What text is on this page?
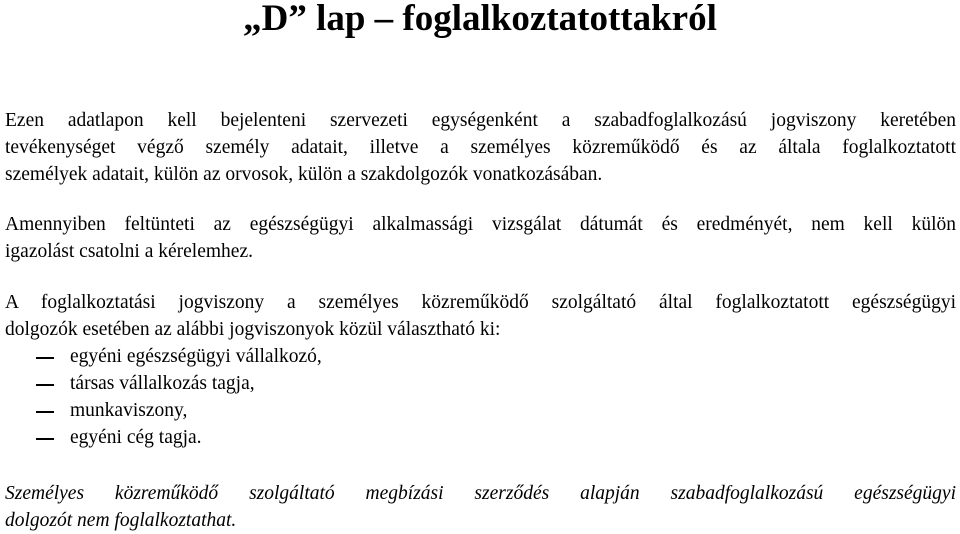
„D” lap – foglalkoztatottakról

Ezen adatlapon kell bejelenteni szervezeti egységenként a szabadfoglalkozású jogviszony keretében
tevékenységet végző személy adatait, illetve a személyes közreműködő és az általa foglalkoztatott
személyek adatait, külön az orvosok, külön a szakdolgozók vonatkozásában.

Amennyiben feltünteti az egészségügyi alkalmassági vizsgálat dátumát és eredményét, nem kell külön
igazolást csatolni a kérelemhez.

A foglalkoztatási jogviszony a személyes közreműködő szolgáltató által foglalkoztatott egészségügyi
dolgozók esetében az alábbi jogviszonyok közül választható ki:

egyéni egészségügyi vállalkozó,
társas vállalkozás tagja,
munkaviszony,
egyéni cég tagja.

Személyes közreműködő szolgáltató megbízási szerződés alapján szabadfoglalkozású egészségügyi
dolgozót nem foglalkoztathat.
